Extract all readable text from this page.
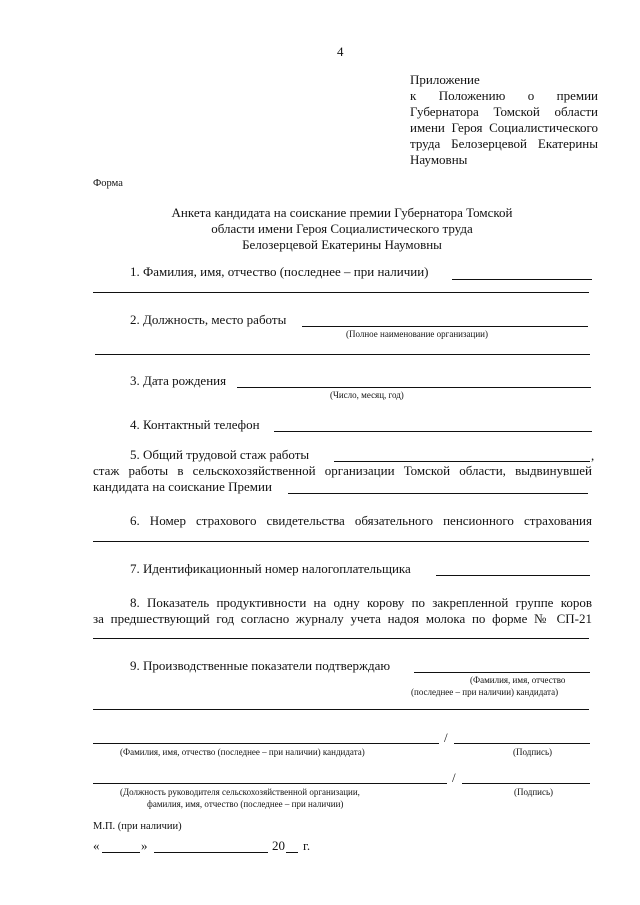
4
Приложение
к Положению о премии
Губернатора Томской области
имени Героя Социалистического
труда Белозерцевой Екатерины
Наумовны
Форма
Анкета кандидата на соискание премии Губернатора Томской
области имени Героя Социалистического труда
Белозерцевой Екатерины Наумовны
1. Фамилия, имя, отчество (последнее – при наличии)
2. Должность, место работы
(Полное наименование организации)
3. Дата рождения
(Число, месяц, год)
4. Контактный телефон
5. Общий трудовой стаж работы	,
стаж работы в сельскохозяйственной организации Томской области, выдвинувшей
кандидата на соискание Премии
6. Номер страхового свидетельства обязательного пенсионного страхования
7. Идентификационный номер налогоплательщика
8. Показатель продуктивности на одну корову по закрепленной группе коров
за предшествующий год согласно журналу учета надоя молока по форме № СП-21
9. Производственные показатели подтверждаю
(Фамилия, имя, отчество
(последнее – при наличии) кандидата)
/
(Фамилия, имя, отчество (последнее – при наличии) кандидата)	(Подпись)
/
(Должность руководителя сельскохозяйственной организации,
фамилия, имя, отчество (последнее – при наличии)
(Подпись)
М.П. (при наличии)
«	»	20 г.
